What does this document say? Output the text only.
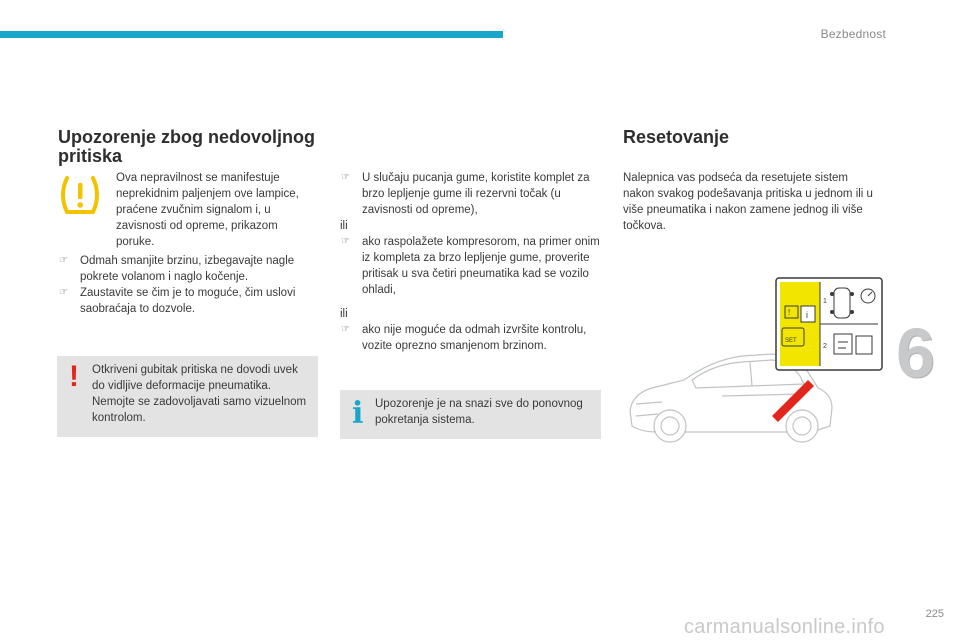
Bezbednost
6
225
Upozorenje zbog nedovoljnog pritiska

Ova nepravilnost se manifestuje neprekidnim paljenjem ove lampice, praćene zvučnim signalom i, u zavisnosti od opreme, prikazom poruke.

☞ Odmah smanjite brzinu, izbegavajte nagle pokrete volanom i naglo kočenje.
☞ Zaustavite se čim je to moguće, čim uslovi saobraćaja to dozvole.
! Otkriveni gubitak pritiska ne dovodi uvek do vidljive deformacije pneumatika. Nemojte se zadovoljavati samo vizuelnom kontrolom.
☞ U slučaju pucanja gume, koristite komplet za brzo lepljenje gume ili rezervni točak (u zavisnosti od opreme),
ili
☞ ako raspolažete kompresorom, na primer onim iz kompleta za brzo lepljenje gume, proverite pritisak u sva četiri pneumatika kad se vozilo ohladi,
ili
☞ ako nije moguće da odmah izvršite kontrolu, vozite oprezno smanjenom brzinom.
i Upozorenje je na snazi sve do ponovnog pokretanja sistema.
Resetovanje

Nalepnica vas podseća da resetujete sistem nakon svakog podešavanja pritiska u jednom ili u više pneumatika i nakon zamene jednog ili više točkova.

1
2
! i
SET
carmanualsonline.info
